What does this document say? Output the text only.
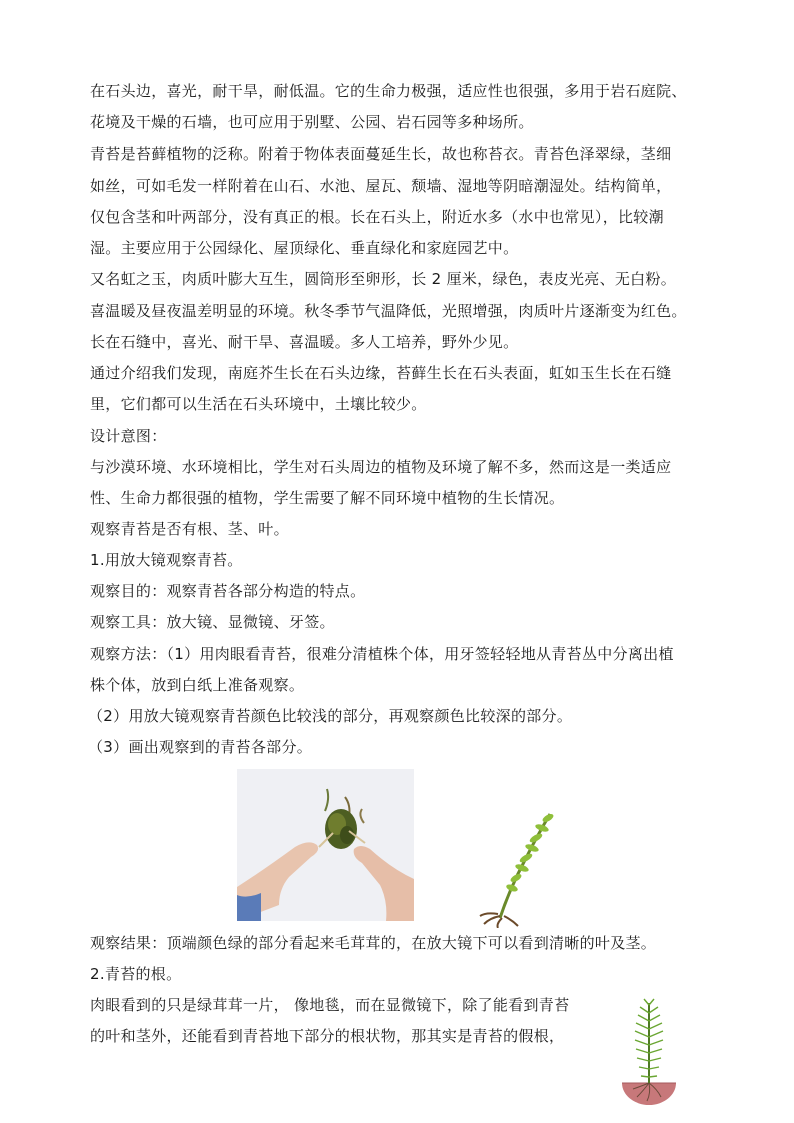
在石头边，喜光，耐干旱，耐低温。它的生命力极强，适应性也很强，多用于岩石庭院、
花境及干燥的石墙，也可应用于别墅、公园、岩石园等多种场所。
青苔是苔藓植物的泛称。附着于物体表面蔓延生长，故也称苔衣。青苔色泽翠绿，茎细
如丝，可如毛发一样附着在山石、水池、屋瓦、颓墙、湿地等阴暗潮湿处。结构简单，
仅包含茎和叶两部分，没有真正的根。长在石头上，附近水多（水中也常见），比较潮
湿。主要应用于公园绿化、屋顶绿化、垂直绿化和家庭园艺中。
又名虹之玉，肉质叶膨大互生，圆筒形至卵形，长 2 厘米，绿色，表皮光亮、无白粉。
喜温暖及昼夜温差明显的环境。秋冬季节气温降低，光照增强，肉质叶片逐渐变为红色。
长在石缝中，喜光、耐干旱、喜温暖。多人工培养，野外少见。
通过介绍我们发现，南庭芥生长在石头边缘，苔藓生长在石头表面，虹如玉生长在石缝
里，它们都可以生活在石头环境中，土壤比较少。
设计意图：
与沙漠环境、水环境相比，学生对石头周边的植物及环境了解不多，然而这是一类适应
性、生命力都很强的植物，学生需要了解不同环境中植物的生长情况。
观察青苔是否有根、茎、叶。
1.用放大镜观察青苔。
观察目的：观察青苔各部分构造的特点。
观察工具：放大镜、显微镜、牙签。
观察方法：（1）用肉眼看青苔，很难分清植株个体，用牙签轻轻地从青苔丛中分离出植
株个体，放到白纸上准备观察。
（2）用放大镜观察青苔颜色比较浅的部分，再观察颜色比较深的部分。
（3）画出观察到的青苔各部分。
观察结果：顶端颜色绿的部分看起来毛茸茸的，在放大镜下可以看到清晰的叶及茎。
2.青苔的根。
肉眼看到的只是绿茸茸一片， 像地毯，而在显微镜下，除了能看到青苔
的叶和茎外，还能看到青苔地下部分的根状物，那其实是青苔的假根，
